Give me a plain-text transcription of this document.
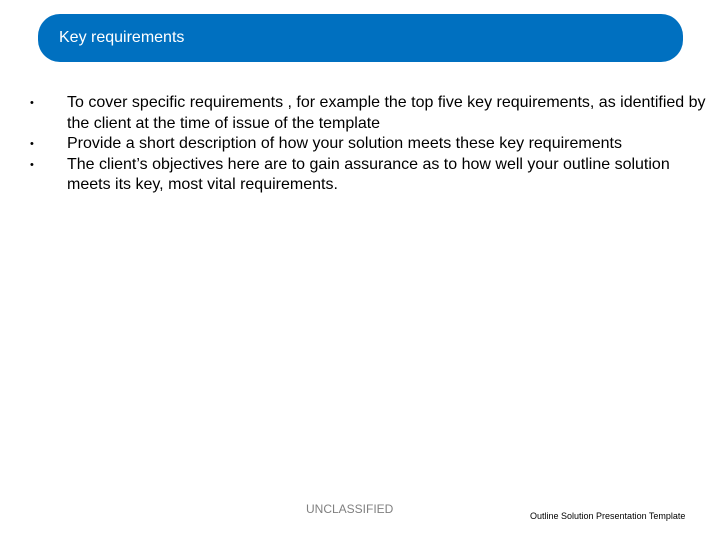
Key requirements
•	To cover specific requirements , for example the top five key requirements, as identified by the client at the time of issue of the template
•	Provide a short description of how your solution meets these key requirements
•	The client’s objectives here are to gain assurance as to how well your outline solution meets its key, most vital requirements.
UNCLASSIFIED	Outline Solution Presentation Template
